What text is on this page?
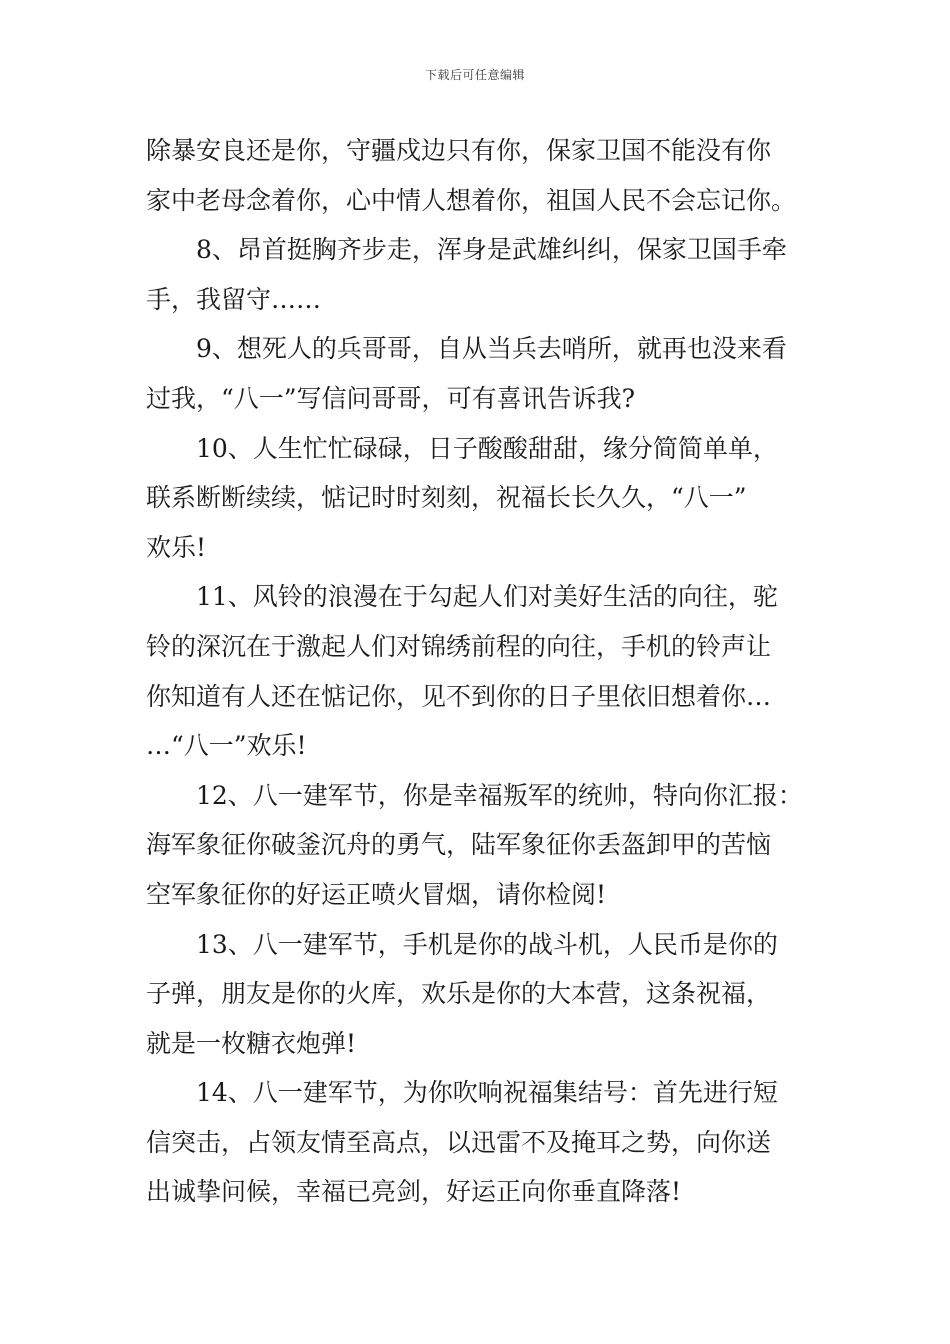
下载后可任意编辑
除暴安良还是你，守疆戍边只有你，保家卫国不能没有你
家中老母念着你，心中情人想着你，祖国人民不会忘记你。
8、昂首挺胸齐步走，浑身是武雄纠纠，保家卫国手牵
手，我留守……
9、想死人的兵哥哥，自从当兵去哨所，就再也没来看
过我，“八一”写信问哥哥，可有喜讯告诉我?
10、人生忙忙碌碌，日子酸酸甜甜，缘分简简单单，
联系断断续续，惦记时时刻刻，祝福长长久久，“八一”
欢乐!
11、风铃的浪漫在于勾起人们对美好生活的向往，驼
铃的深沉在于激起人们对锦绣前程的向往，手机的铃声让
你知道有人还在惦记你，见不到你的日子里依旧想着你…
…“八一”欢乐!
12、八一建军节，你是幸福叛军的统帅，特向你汇报：
海军象征你破釜沉舟的勇气，陆军象征你丢盔卸甲的苦恼
空军象征你的好运正喷火冒烟，请你检阅!
13、八一建军节，手机是你的战斗机，人民币是你的
子弹，朋友是你的火库，欢乐是你的大本营，这条祝福，
就是一枚糖衣炮弹!
14、八一建军节，为你吹响祝福集结号：首先进行短
信突击，占领友情至高点，以迅雷不及掩耳之势，向你送
出诚挚问候，幸福已亮剑，好运正向你垂直降落!
